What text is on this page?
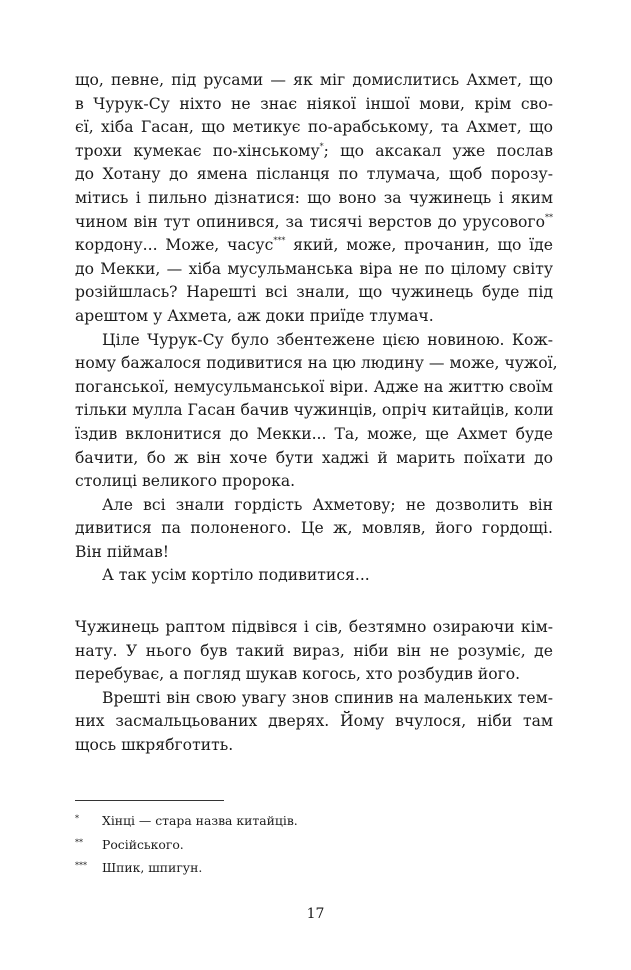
що, певне, під русами — як міг домислитись Ахмет, що
в Чурук-Су ніхто не знає ніякої іншої мови, крім сво-
єї, хіба Гасан, що метикує по-арабському, та Ахмет, що
трохи кумекає по-хінському*; що аксакал уже послав
до Хотану до ямена післанця по тлумача, щоб порозу-
мітись і пильно дізнатися: що воно за чужинець і яким
чином він тут опинився, за тисячі верстов до урусового**
кордону... Може, часус*** який, може, прочанин, що їде
до Мекки, — хіба мусульманська віра не по цілому світу
розійшлась? Нарешті всі знали, що чужинець буде під
арештом у Ахмета, аж доки приїде тлумач.

Ціле Чурук-Су було збентежене цією новиною. Кож-
ному бажалося подивитися на цю людину — може, чужої,
поганської, немусульманської віри. Адже на життю своїм
тільки мулла Гасан бачив чужинців, опріч китайців, коли
їздив вклонитися до Мекки... Та, може, ще Ахмет буде
бачити, бо ж він хоче бути хаджі й марить поїхати до
столиці великого пророка.

Але всі знали гордість Ахметову; не дозволить він
дивитися па полоненого. Це ж, мовляв, його гордощі.
Він піймав!

А так усім кортіло подивитися...

Чужинець раптом підвівся і сів, безтямно озираючи кім-
нату. У нього був такий вираз, ніби він не розуміє, де
перебуває, а погляд шукав когось, хто розбудив його.

Врешті він свою увагу знов спинив на маленьких тем-
них засмальцьованих дверях. Йому вчулося, ніби там
щось шкрябготить.

*	Хінці — стара назва китайців.
**	Російського.
***	Шпик, шпигун.
17
